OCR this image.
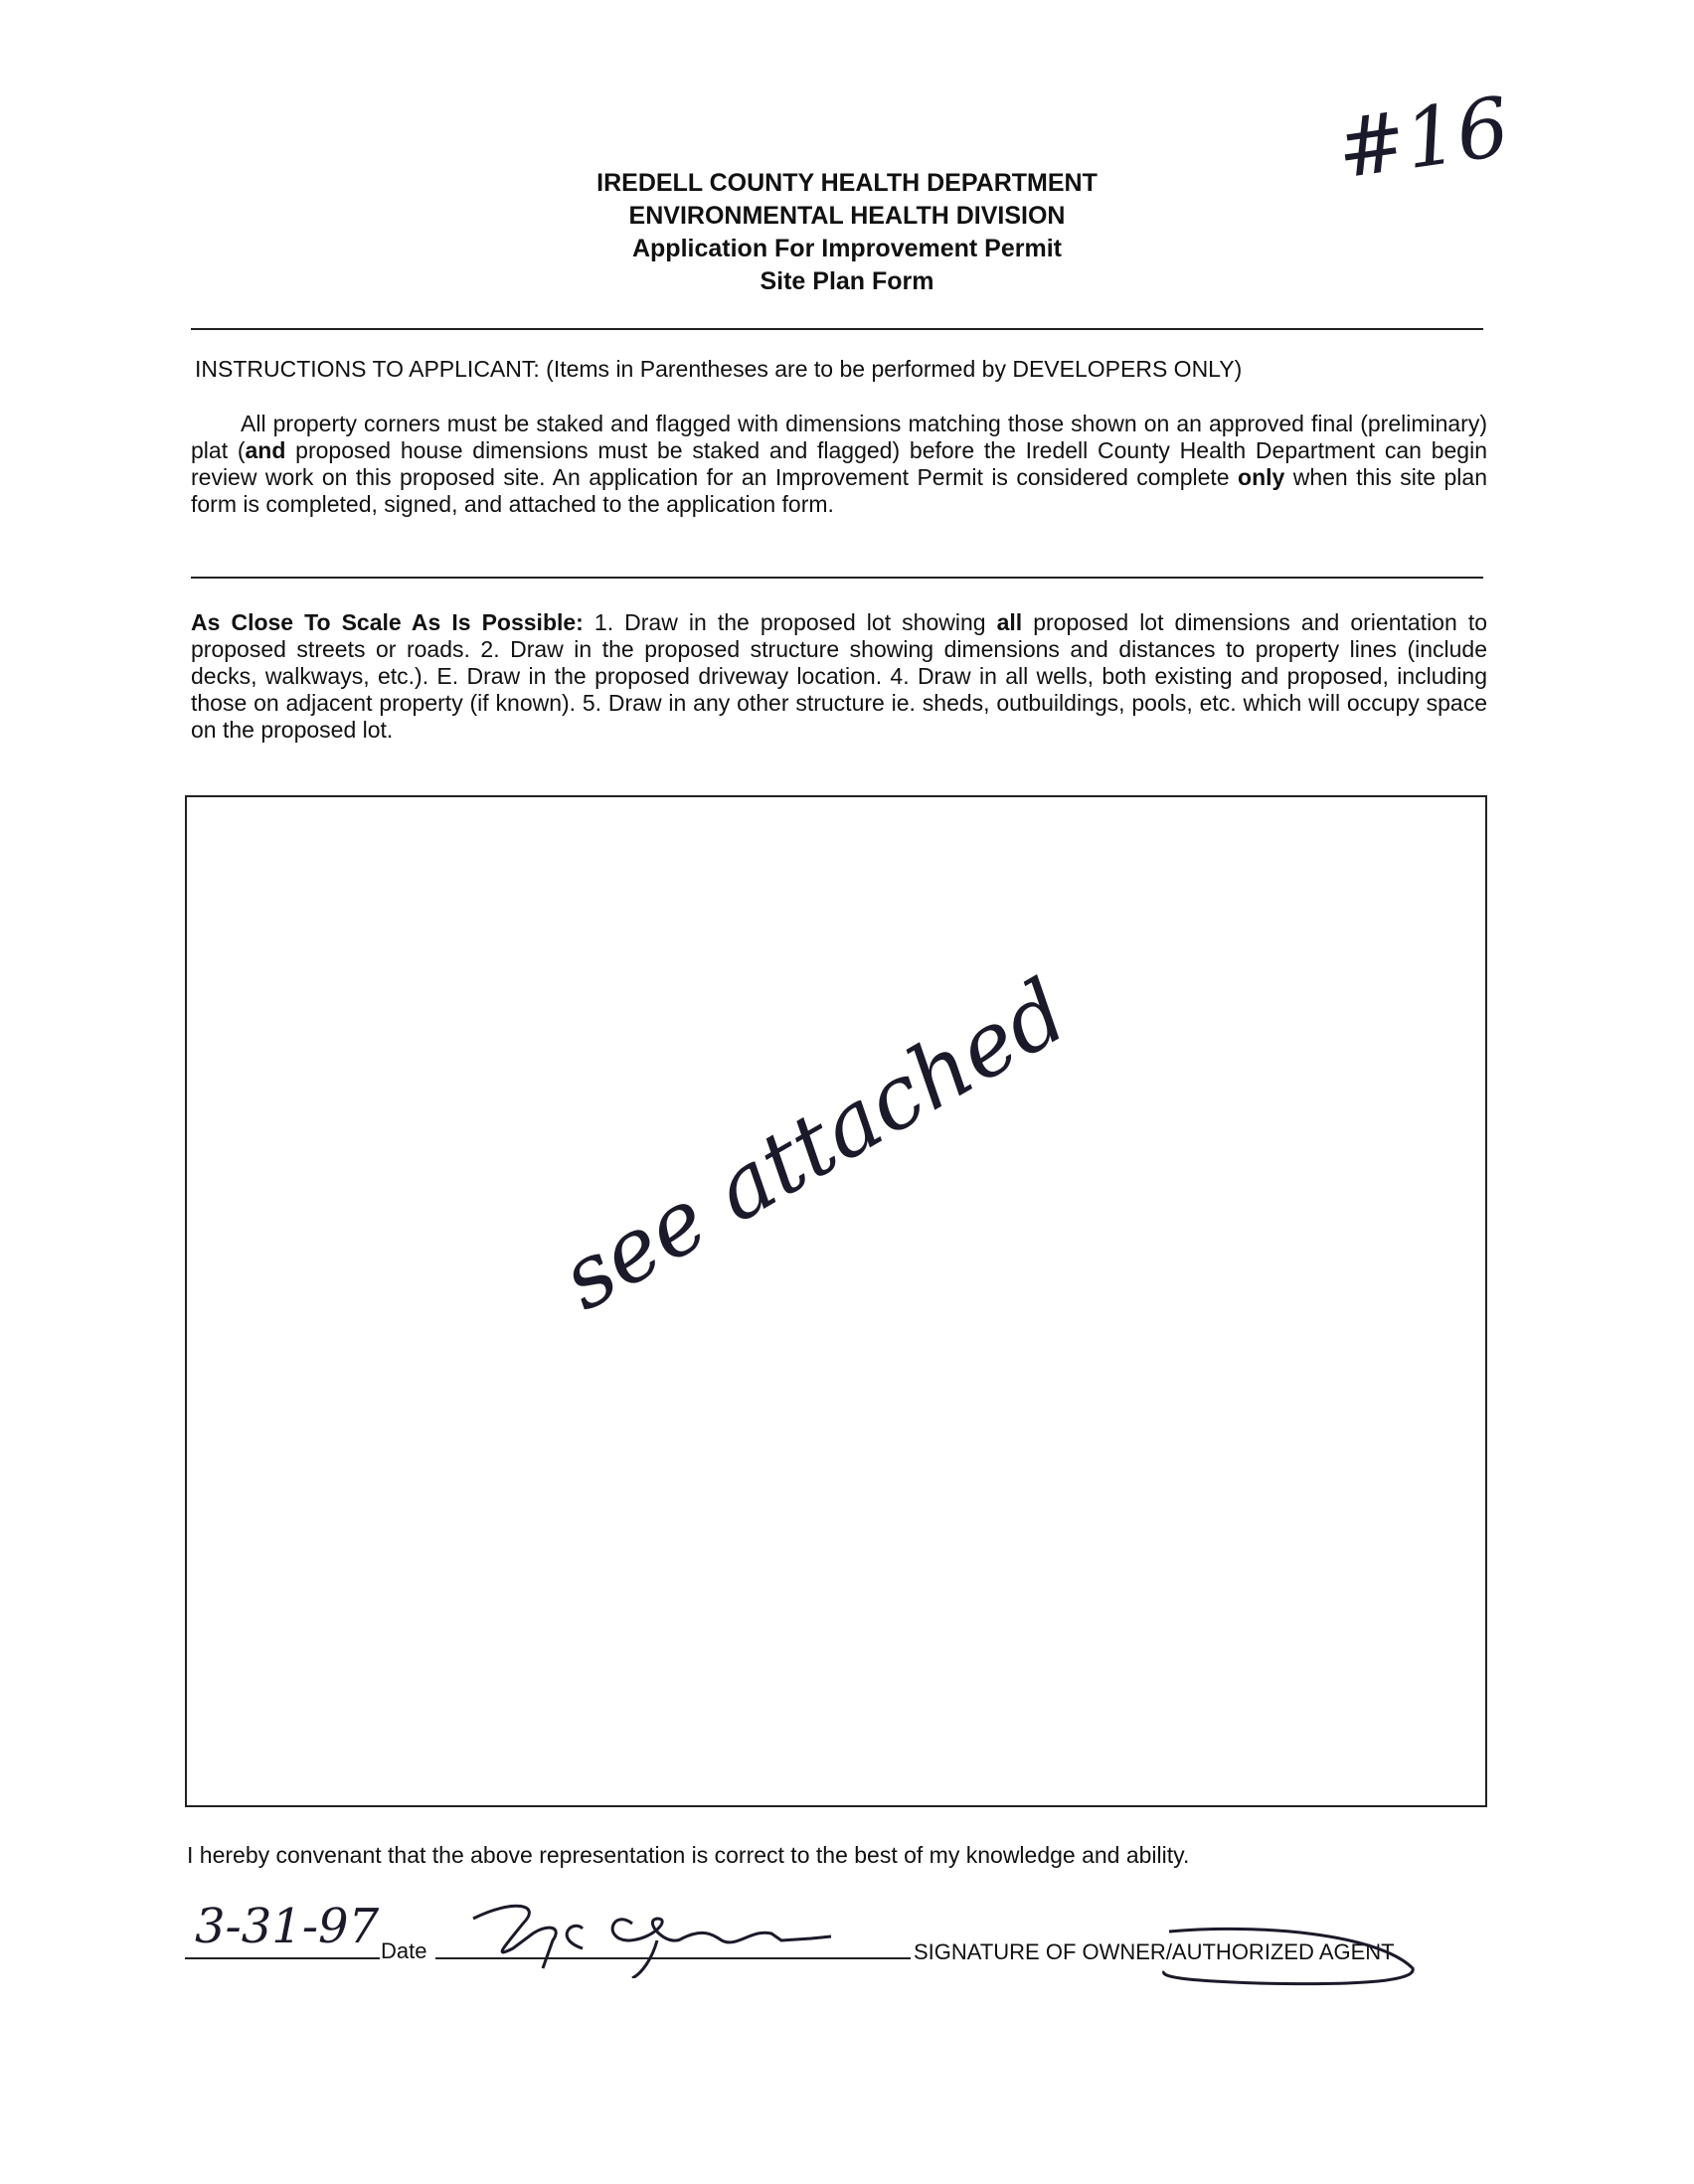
#16
IREDELL COUNTY HEALTH DEPARTMENT
ENVIRONMENTAL HEALTH DIVISION
Application For Improvement Permit
Site Plan Form
INSTRUCTIONS TO APPLICANT: (Items in Parentheses are to be performed by DEVELOPERS ONLY)
All property corners must be staked and flagged with dimensions matching those shown on an approved final (preliminary) plat (and proposed house dimensions must be staked and flagged) before the Iredell County Health Department can begin review work on this proposed site. An application for an Improvement Permit is considered complete only when this site plan form is completed, signed, and attached to the application form.
As Close To Scale As Is Possible: 1. Draw in the proposed lot showing all proposed lot dimensions and orientation to proposed streets or roads. 2. Draw in the proposed structure showing dimensions and distances to property lines (include decks, walkways, etc.). E. Draw in the proposed driveway location. 4. Draw in all wells, both existing and proposed, including those on adjacent property (if known). 5. Draw in any other structure ie. sheds, outbuildings, pools, etc. which will occupy space on the proposed lot.
see attached
I hereby convenant that the above representation is correct to the best of my knowledge and ability.
3-31-97 Date	SIGNATURE OF OWNER/AUTHORIZED AGENT
